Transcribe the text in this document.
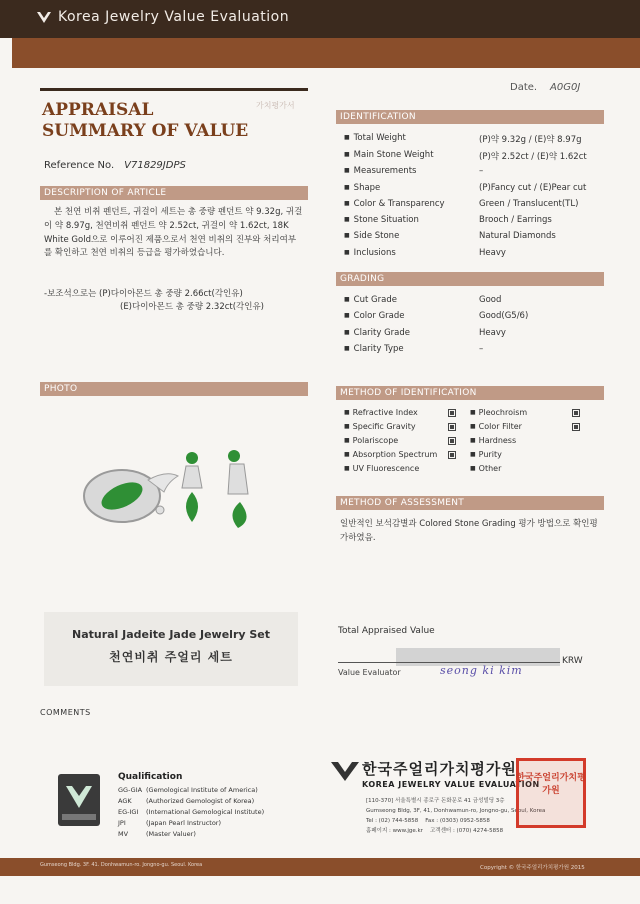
Korea Jewelry Value Evaluation
Date. A0G0J
APPRAISAL
SUMMARY OF VALUE
가치평가서
Reference No. V71829JDPS
DESCRIPTION OF ARTICLE

본 천연 비취 펜던트, 귀걸이 세트는 총 중량 펜던트 약 9.32g, 귀걸이 약 8.97g, 천연비취 펜던트 약 2.52ct, 귀걸이 약 1.62ct, 18K White Gold으로 이루어진 제품으로서 천연 비취의 진부와 처리여부를 확인하고 천연 비취의 등급을 평가하였습니다.

-보조석으로는 (P)다이아몬드 총 중량 2.66ct(각인유)
(E)다이아몬드 총 중량 2.32ct(각인유)
IDENTIFICATION
■ Total Weight	(P)약 9.32g / (E)약 8.97g
■ Main Stone Weight	(P)약 2.52ct / (E)약 1.62ct
■ Measurements	–
■ Shape	(P)Fancy cut / (E)Pear cut
■ Color & Transparency	Green / Translucent(TL)
■ Stone Situation	Brooch / Earrings
■ Side Stone	Natural Diamonds
■ Inclusions	Heavy
GRADING
■ Cut Grade	Good
■ Color Grade	Good(G5/6)
■ Clarity Grade	Heavy
■ Clarity Type	–
PHOTO	METHOD OF IDENTIFICATION
■ Refractive Index
■ Specific Gravity
■ Polariscope
■ Absorption Spectrum
■ UV Fluorescence
■ Pleochroism
■ Color Filter
■ Hardness
■ Purity
■ Other
METHOD OF ASSESSMENT
일반적인 보석감별과 Colored Stone Grading 평가 방법으로 확인평가하였음.
Natural Jadeite Jade Jewelry Set
천연비취 주얼리 세트
Total Appraised Value
KRW
Value Evaluator	seong ki kim
COMMENTS
Qualification
GG-GIA (Gemological Institute of America)
AGK	(Authorized Gemologist of Korea)
EG-IGI	(International Gemological Institute)
JPI	(Japan Pearl Instructor)
MV	(Master Valuer)
한국주얼리가치평가원
KOREA JEWELRY VALUE EVALUATION
[110-370] 서울특별시 종로구 돈화문로 41 금성빌딩 3층
Gumseong Bldg, 3F, 41, Donhwamun-ro, Jongno-gu, Seoul, Korea
Tel : (02) 744-5858 Fax : (0303) 0952-5858
홈페이지 : www.jge.kr 고객센터 : (070) 4274-5858
한국주얼리가치평가원
Gumseong Bldg. 3F. 41. Donhwamun-ro. Jongno-gu. Seoul. Korea	Copyright © 한국주얼리가치평가원 2015
